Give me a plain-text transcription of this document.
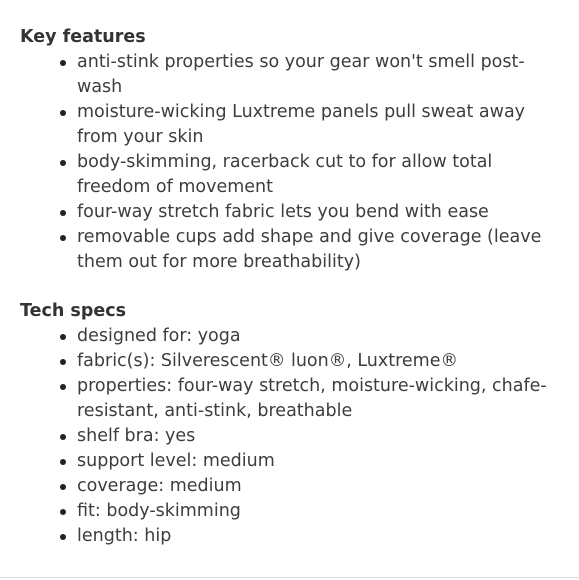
Key features
anti-stink properties so your gear won't smell post-wash
moisture-wicking Luxtreme panels pull sweat away from your skin
body-skimming, racerback cut to for allow total freedom of movement
four-way stretch fabric lets you bend with ease
removable cups add shape and give coverage (leave them out for more breathability)
Tech specs
designed for: yoga
fabric(s): Silverescent® luon®, Luxtreme®
properties: four-way stretch, moisture-wicking, chafe-resistant, anti-stink, breathable
shelf bra: yes
support level: medium
coverage: medium
fit: body-skimming
length: hip
